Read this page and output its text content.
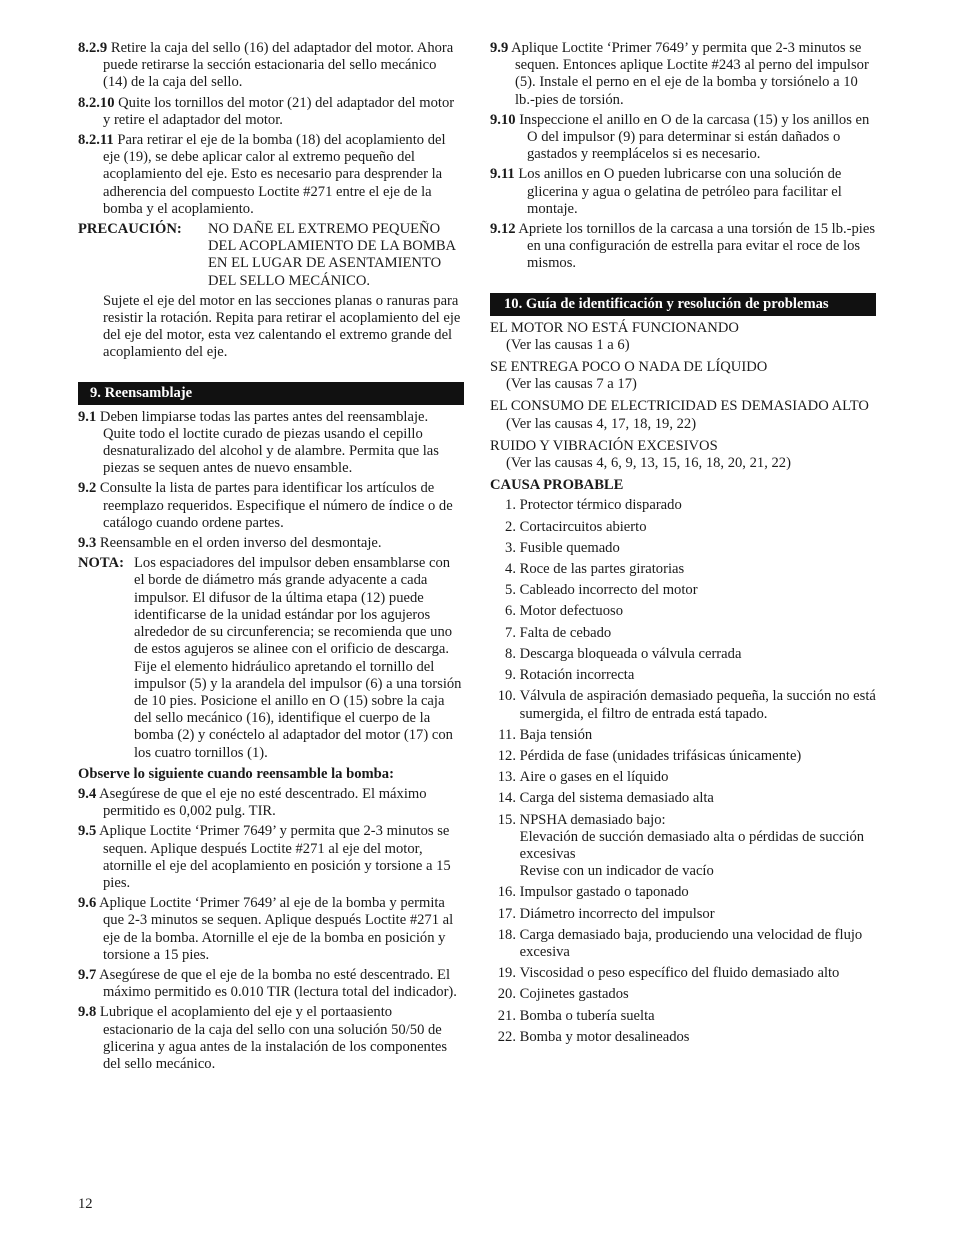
8.2.9 Retire la caja del sello (16) del adaptador del motor. Ahora puede retirarse la sección estacionaria del sello mecánico (14) de la caja del sello.

8.2.10 Quite los tornillos del motor (21) del adaptador del motor y retire el adaptador del motor.

8.2.11 Para retirar el eje de la bomba (18) del acoplamiento del eje (19), se debe aplicar calor al extremo pequeño del acoplamiento del eje. Esto es necesario para desprender la adherencia del compuesto Loctite #271 entre el eje de la bomba y el acoplamiento.

PRECAUCIÓN:	NO DAÑE EL EXTREMO PEQUEÑO DEL ACOPLAMIENTO DE LA BOMBA EN EL LUGAR DE ASENTAMIENTO DEL SELLO MECÁNICO.

Sujete el eje del motor en las secciones planas o ranuras para resistir la rotación. Repita para retirar el acoplamiento del eje del eje del motor, esta vez calentando el extremo grande del acoplamiento del eje.

9. Reensamblaje

9.1 Deben limpiarse todas las partes antes del reensamblaje. Quite todo el loctite curado de piezas usando el cepillo desnaturalizado del alcohol y de alambre. Permita que las piezas se sequen antes de nuevo ensamble.

9.2 Consulte la lista de partes para identificar los artículos de reemplazo requeridos. Especifique el número de índice o de catálogo cuando ordene partes.

9.3 Reensamble en el orden inverso del desmontaje.

NOTA: Los espaciadores del impulsor deben ensamblarse con el borde de diámetro más grande adyacente a cada impulsor. El difusor de la última etapa (12) puede identificarse de la unidad estándar por los agujeros alrededor de su circunferencia; se recomienda que uno de estos agujeros se alinee con el orificio de descarga. Fije el elemento hidráulico apretando el tornillo del impulsor (5) y la arandela del impulsor (6) a una torsión de 10 pies. Posicione el anillo en O (15) sobre la caja del sello mecánico (16), identifique el cuerpo de la bomba (2) y conéctelo al adaptador del motor (17) con los cuatro tornillos (1).

Observe lo siguiente cuando reensamble la bomba:

9.4 Asegúrese de que el eje no esté descentrado. El máximo permitido es 0,002 pulg. TIR.

9.5 Aplique Loctite ‘Primer 7649’ y permita que 2-3 minutos se sequen. Aplique después Loctite #271 al eje del motor, atornille el eje del acoplamiento en posición y torsione a 15 pies.

9.6 Aplique Loctite ‘Primer 7649’ al eje de la bomba y permita que 2-3 minutos se sequen. Aplique después Loctite #271 al eje de la bomba. Atornille el eje de la bomba en posición y torsione a 15 pies.

9.7 Asegúrese de que el eje de la bomba no esté descentrado. El máximo permitido es 0.010 TIR (lectura total del indicador).

9.8 Lubrique el acoplamiento del eje y el portaasiento estacionario de la caja del sello con una solución 50/50 de glicerina y agua antes de la instalación de los componentes del sello mecánico.

9.9 Aplique Loctite ‘Primer 7649’ y permita que 2-3 minutos se sequen. Entonces aplique Loctite #243 al perno del impulsor (5). Instale el perno en el eje de la bomba y torsiónelo a 10 lb.-pies de torsión.

9.10 Inspeccione el anillo en O de la carcasa (15) y los anillos en O del impulsor (9) para determinar si están dañados o gastados y reemplácelos si es necesario.

9.11 Los anillos en O pueden lubricarse con una solución de glicerina y agua o gelatina de petróleo para facilitar el montaje.

9.12 Apriete los tornillos de la carcasa a una torsión de 15 lb.-pies en una configuración de estrella para evitar el roce de los mismos.

10. Guía de identificación y resolución de problemas

EL MOTOR NO ESTÁ FUNCIONANDO

(Ver las causas 1 a 6)

SE ENTREGA POCO O NADA DE LÍQUIDO

(Ver las causas 7 a 17)

EL CONSUMO DE ELECTRICIDAD ES DEMASIADO ALTO

(Ver las causas 4, 17, 18, 19, 22)

RUIDO Y VIBRACIÓN EXCESIVOS

(Ver las causas 4, 6, 9, 13, 15, 16, 18, 20, 21, 22)

CAUSA PROBABLE

1.
Protector térmico disparado
2.
Cortacircuitos abierto
3.
Fusible quemado
4.
Roce de las partes giratorias
5.
Cableado incorrecto del motor
6.
Motor defectuoso
7.
Falta de cebado
8.
Descarga bloqueada o válvula cerrada
9.
Rotación incorrecta
10.
Válvula de aspiración demasiado pequeña, la succión no está sumergida, el filtro de entrada está tapado.
11.
Baja tensión
12.
Pérdida de fase (unidades trifásicas únicamente)
13.
Aire o gases en el líquido
14.
Carga del sistema demasiado alta
15.
NPSHA demasiado bajo:
Elevación de succión demasiado alta o pérdidas de succión excesivas
Revise con un indicador de vacío
16.
Impulsor gastado o taponado
17.
Diámetro incorrecto del impulsor
18.
Carga demasiado baja, produciendo una velocidad de flujo excesiva
19.
Viscosidad o peso específico del fluido demasiado alto
20.
Cojinetes gastados
21.
Bomba o tubería suelta
22.
Bomba y motor desalineados
12
